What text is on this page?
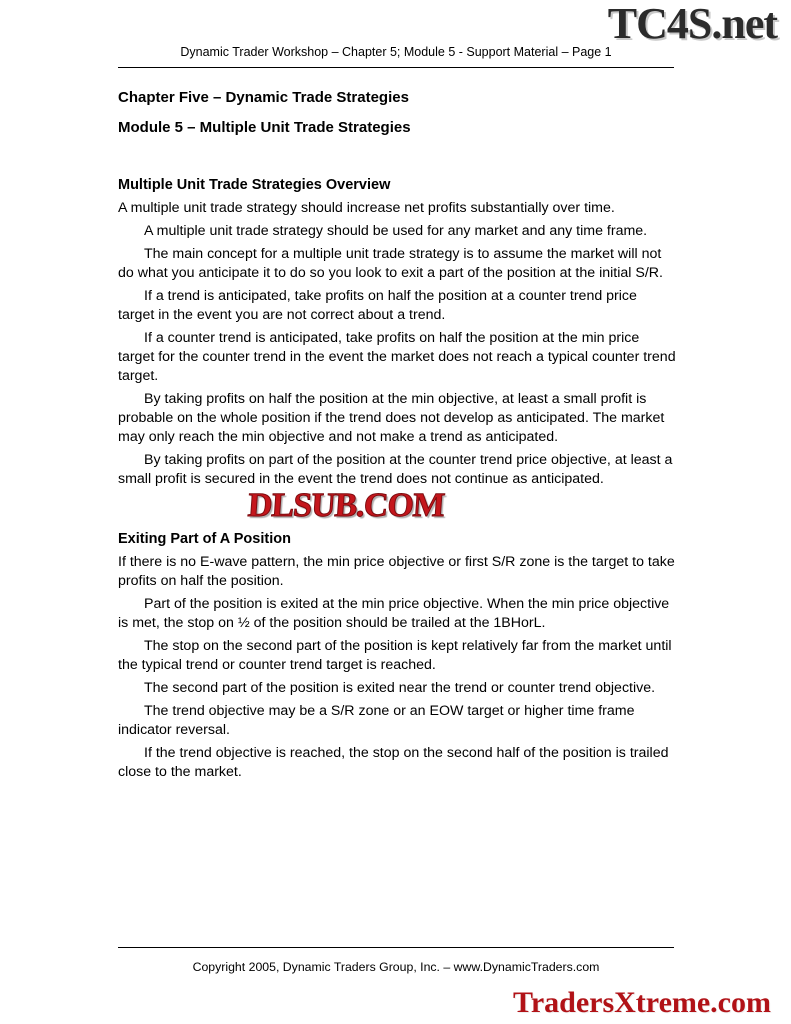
TC4S.net
Dynamic Trader Workshop – Chapter 5; Module 5 - Support Material – Page 1
Chapter Five – Dynamic Trade Strategies
Module 5 – Multiple Unit Trade Strategies
Multiple Unit Trade Strategies Overview

A multiple unit trade strategy should increase net profits substantially over time.

A multiple unit trade strategy should be used for any market and any time frame.

The main concept for a multiple unit trade strategy is to assume the market will not do what you anticipate it to do so you look to exit a part of the position at the initial S/R.

If a trend is anticipated, take profits on half the position at a counter trend price target in the event you are not correct about a trend.

If a counter trend is anticipated, take profits on half the position at the min price target for the counter trend in the event the market does not reach a typical counter trend target.

By taking profits on half the position at the min objective, at least a small profit is probable on the whole position if the trend does not develop as anticipated. The market may only reach the min objective and not make a trend as anticipated.

By taking profits on part of the position at the counter trend price objective, at least a small profit is secured in the event the trend does not continue as anticipated.

Exiting Part of A Position

If there is no E-wave pattern, the min price objective or first S/R zone is the target to take profits on half the position.

Part of the position is exited at the min price objective. When the min price objective is met, the stop on ½ of the position should be trailed at the 1BHorL.

The stop on the second part of the position is kept relatively far from the market until the typical trend or counter trend target is reached.

The second part of the position is exited near the trend or counter trend objective.

The trend objective may be a S/R zone or an EOW target or higher time frame indicator reversal.

If the trend objective is reached, the stop on the second half of the position is trailed close to the market.

DLSUB.COM
Copyright 2005, Dynamic Traders Group, Inc. – www.DynamicTraders.com
TradersXtreme.com
